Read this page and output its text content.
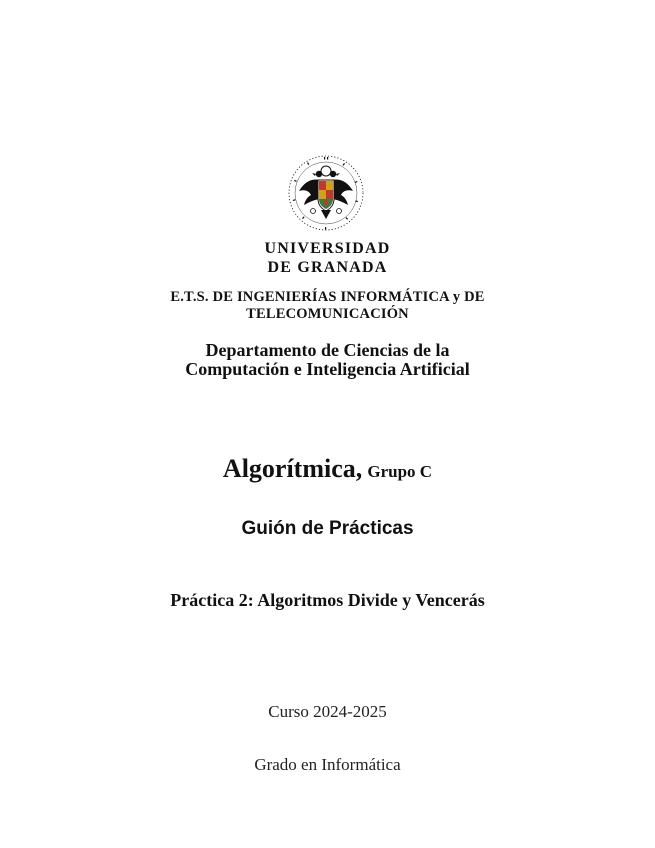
UNIVERSIDAD
DE GRANADA
E.T.S. DE INGENIERÍAS INFORMÁTICA y DE
TELECOMUNICACIÓN
Departamento de Ciencias de la
Computación e Inteligencia Artificial
Algorítmica, Grupo C
Guión de Prácticas
Práctica 2: Algoritmos Divide y Vencerás
Curso 2024-2025
Grado en Informática
